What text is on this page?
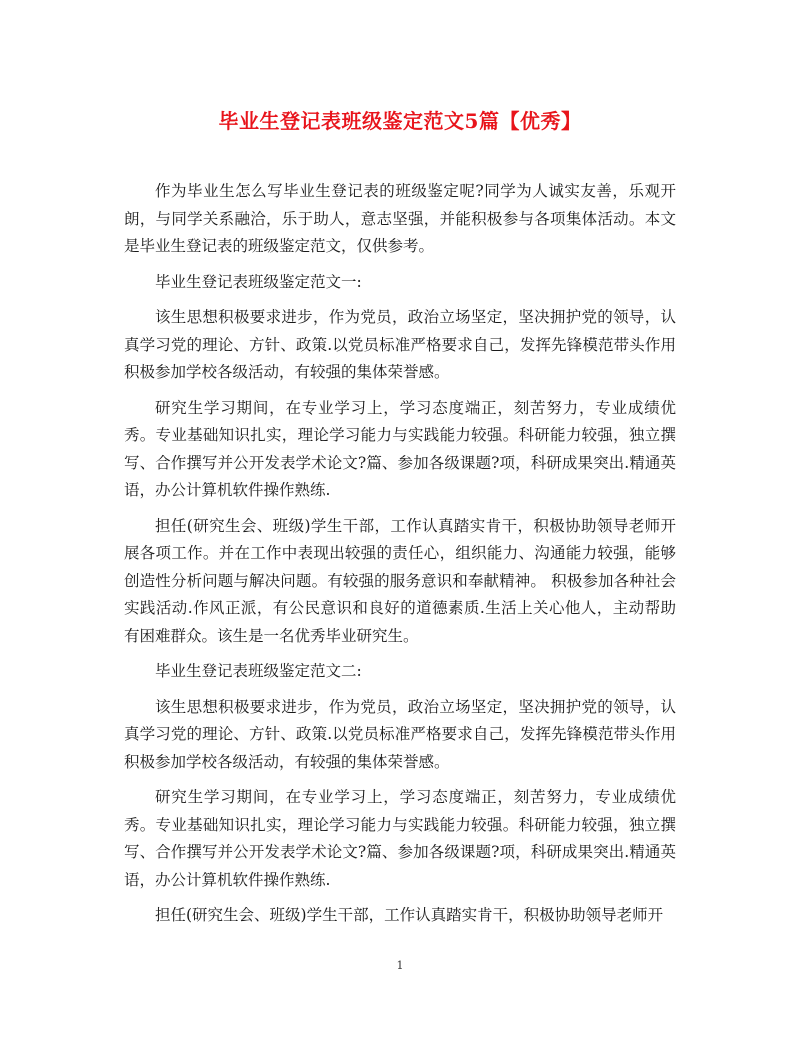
毕业生登记表班级鉴定范文5篇【优秀】

作为毕业生怎么写毕业生登记表的班级鉴定呢?同学为人诚实友善，乐观开朗，与同学关系融洽，乐于助人，意志坚强，并能积极参与各项集体活动。本文是毕业生登记表的班级鉴定范文，仅供参考。

毕业生登记表班级鉴定范文一:

该生思想积极要求进步，作为党员，政治立场坚定，坚决拥护党的领导，认真学习党的理论、方针、政策.以党员标准严格要求自己，发挥先锋模范带头作用积极参加学校各级活动，有较强的集体荣誉感。

研究生学习期间，在专业学习上，学习态度端正，刻苦努力，专业成绩优秀。专业基础知识扎实，理论学习能力与实践能力较强。科研能力较强，独立撰写、合作撰写并公开发表学术论文?篇、参加各级课题?项，科研成果突出.精通英语，办公计算机软件操作熟练.

担任(研究生会、班级)学生干部，工作认真踏实肯干，积极协助领导老师开展各项工作。并在工作中表现出较强的责任心，组织能力、沟通能力较强，能够创造性分析问题与解决问题。有较强的服务意识和奉献精神。 积极参加各种社会实践活动.作风正派，有公民意识和良好的道德素质.生活上关心他人，主动帮助有困难群众。该生是一名优秀毕业研究生。

毕业生登记表班级鉴定范文二:

该生思想积极要求进步，作为党员，政治立场坚定，坚决拥护党的领导，认真学习党的理论、方针、政策.以党员标准严格要求自己，发挥先锋模范带头作用积极参加学校各级活动，有较强的集体荣誉感。

研究生学习期间，在专业学习上，学习态度端正，刻苦努力，专业成绩优秀。专业基础知识扎实，理论学习能力与实践能力较强。科研能力较强，独立撰写、合作撰写并公开发表学术论文?篇、参加各级课题?项，科研成果突出.精通英语，办公计算机软件操作熟练.

担任(研究生会、班级)学生干部，工作认真踏实肯干，积极协助领导老师开

1
